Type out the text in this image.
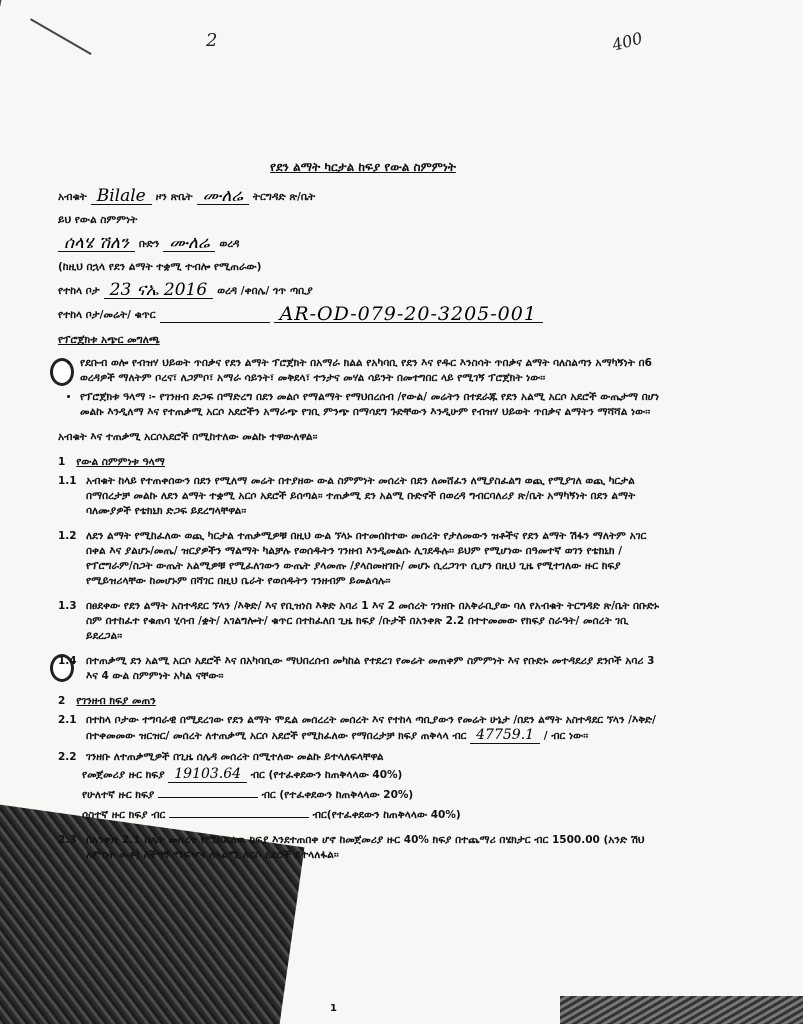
2	400
የደን ልማት ካርታል ከፍያ የውል ስምምነት
አብቁት Bilale ዞን ጽቤት ሙለሬ ትርግዳድ ጽ/ቤት
ይህ የውል ስምምነት
ሰላሄ ሽለን ቡድን ሙለሬ ወረዳ
(ከዚህ በኋላ የደን ልማት ተቋሚ ተብሎ የሚጠራው)
የተከላ ቦታ 23 ናኤ 2016 ወረዳ /ቀበሌ/ ጎጥ ጣቢያ
የተከላ ቦታ/መሬት/ ቁጥር	AR-OD-079-20-3205-001
የፕሮጀክቱ አጭር መግለጫ
• የደቡብ ወሎ የብዝሃ ህይወት ጥበቃና የደን ልማት ፕሮጀክት በአማራ ክልል የአካባቢ የደን እና የዱር እንስሳት ጥበቃና ልማት ባለስልጣን አማካኝነት በ6 ወረዳዎች ማለትም ቦረና፣ ለጋምቦ፣ አማራ ሳይንት፣ መቅደላ፣ ተንታና መሃል ሳይንት በመተግበር ላይ የሚገኝ ፕሮጀክት ነው፡፡
• የፕሮጀክቱ ዓላማ ፡- የገንዘብ ድጋፍ በማድረግ በደን መልሶ የማልማት የማህበረሰብ /የውል/ መሬትን በተደራጁ የደን አልሚ አርሶ አደሮች ውጤታማ በሆነ መልኩ እንዲለማ እና የተጠቃሚ አርሶ አደሮችን አማራጭ የገቢ ምንጭ በማሳደግ ጉድቸውን እንዲሁም የብዝሃ ህይወት ጥበቃና ልማትን ማሻሻል ነው፡፡
አብቁት እና ተጠቃሚ አርሶአደሮች በሚከተለው መልኩ ተዋውለዋል፡፡
1 የውል ስምምነቱ ዓላማ
1.1 አብቁት ከላይ የተጠቀሰውን በደን የሚለማ መሬት በተያዘው ውል ስምምነት መሰረት በደን ለመሸፈን ለሚያስፈልግ ወጪ የሚያገለ ወጪ ካርታል በማበረታቻ መልኩ ለደን ልማት ተቋሚ አርሶ አደሮች ይሰጣል፡፡ ተጠቃሚ ደን አልሚ ቡድኖች በወረዳ ግብርባለሪያ ጽ/ቤት አማካኝነት በደን ልማት ባለሙያዎች የቴክኒክ ድጋፍ ይደረግላቸዋል፡፡
1.2 ለደን ልማት የሚከፈለው ወጪ ካርታል ተጠቃሚዎቹ በዚህ ውል ኘላኑ በተመሰከተው መሰረት የታለመውን ዝቶችና የደን ልማት ሽፋን ማለትም አገር በቀል እና ያልሆኑ/መጤ/ ዝርያዎችን ማልማት ካልቻሉ የወሰዱትን ገንዘብ እንዲመልሱ ሊገደዱሉ፡፡ ይህም የሚሆነው በዓመተኛ ወገን የቴክኒክ /የፕሮግራም/ስጋት ውጤት አልሚዎቹ የሚፈለገውን ውጤት ያላመጡ /ያላስመዘገቡ/ መሆኑ ሲረጋገጥ ሲሆን በዚህ ጊዜ የሚተገለው ዙር ክፍያ የሚይዝሪላቸው ከመሆኑም በሻገር በዚህ ቤራት የወሰዱትን ገንዘብም ይመልሳሉ፡፡
1.3 በፀደቀው የደን ልማት አስተዳደር ኘላን /እቅድ/ እና የቢዝነስ እቅድ አባሪ 1 እና 2 መሰረት ገንዘቡ በአቅራቢያው ባለ የአብቁት ትርግዳድ ጽ/ቤት በቡድኑ ስም በተከፈተ የቁጠባ ሂሳብ /ቋት/ አገልግሎት/ ቁጥር በተከፈለበ ጊዜ ክፍያ /ቡታች በአንቀጽ 2.2 በተተመመው የክፍያ ስራዓት/ መሰረት ገቢ ይደረጋል፡፡
1.4 በተጠቃሚ ደን አልሚ አርሶ አደሮች እና በአካባቢው ማህበረሰብ መካከል የተደረገ የመሬት መጠቀም ስምምነት እና የቡድኑ መተዳደሪያ ደንቦች አባሪ 3 እና 4 ውል ስምምነት አካል ናቸው፡፡
2 የገንዘብ ክፍያ መጠን
2.1 በተከላ ቦታው ተግባራዊ በሚደረገው የደን ልማት ሞዴል መሰረረት መሰረት እና የተከላ ጣቢያውን የመሬት ሁኔታ /በደን ልማት አስተዳደር ኘላን /እቅድ/ በተቀመመው ዝርዝር/ መሰረት ለተጠቃሚ አርሶ አደሮች የሚከፈለው የማበረታቻ ክፍያ ጠቅላላ ብር 47759.1 / ብር ነው፡፡
2.2 ገንዘቡ ለተጠቃሚዎች በጊዜ ሰሌዳ መሰረት በሚተለው መልኩ ይተላለፍላቸዋል
የመጀመሪያ ዙር ክፍያ 19103.64 ብር (የተፈቀደውን ከጠቅላላው 40%)
የሁለተኛ ዙር ክፍያ	ብር (የተፈቀደውን ከጠቅላላው 20%)
ሶስተኛ ዙር ክፍያ ብር	ብር(የተፈቀደውን ከጠቅላላው 40%)
2.3 በአንቀጽ 2.1 ስሌት መሰረት የሚከፈለዉ ክፍያ እንደተጠበቀ ሆኖ ከመጀመሪያ ዙር 40% ክፍያ በተጨማሪ በሄክታር ብር 1500.00 (አንድ ሽህ አምስት መቶ) ለችግኝ ማፍዣና ለአልሚ አርሶ አደሮች ይተላለፋል፡፡
1
